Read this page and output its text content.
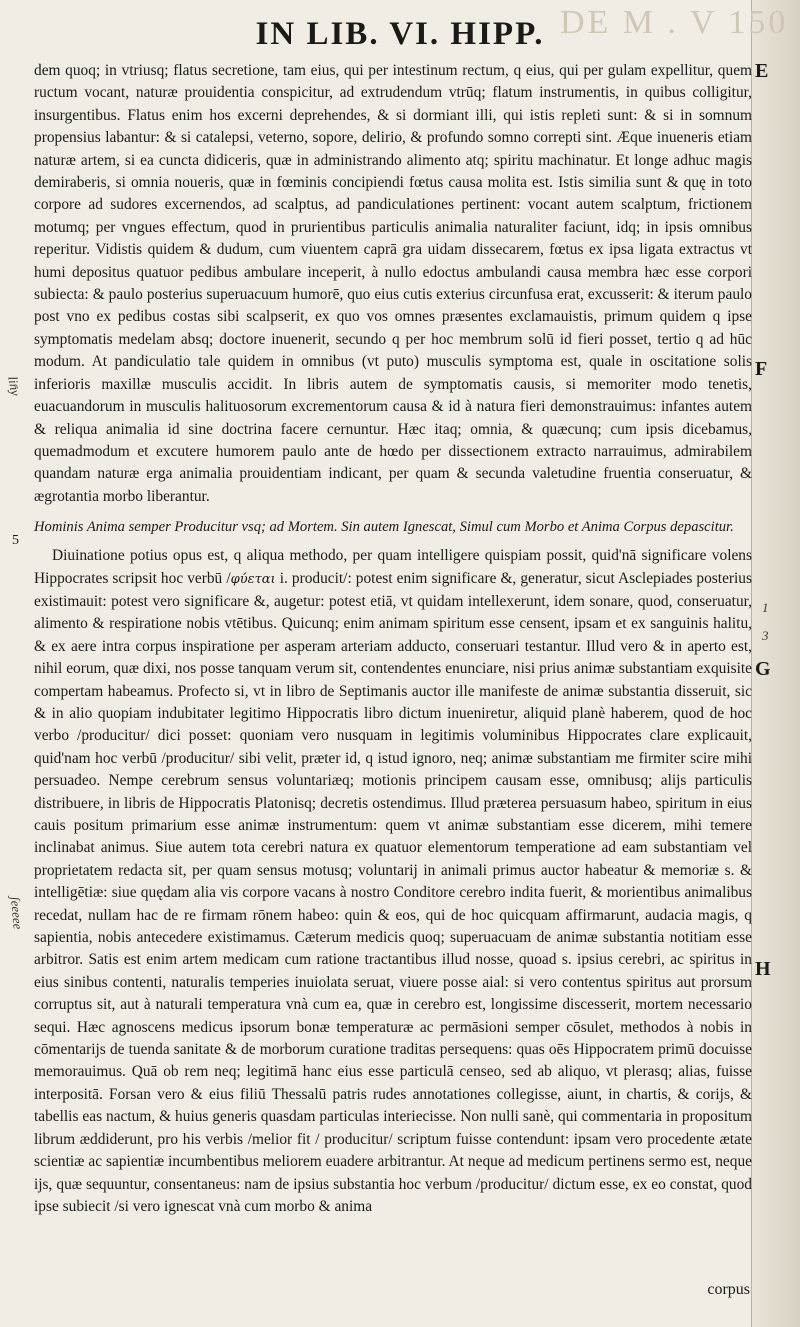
DE M . V 150
IN LIB. VI. HIPP.

dem quoq; in vtriusq; flatus secretione, tam eius, qui per intestinum rectum, q eius, qui per gulam expellitur, quem ructum vocant, naturæ prouidentia conspicitur, ad extrudendum vtrūq; flatum instrumentis, in quibus colligitur, insurgentibus. Flatus enim hos excerni deprehendes, & si dormiant illi, qui istis repleti sunt: & si in somnum propensius labantur: & si catalepsi, veterno, sopore, delirio, & profundo somno correpti sint. Æque inueneris etiam naturæ artem, si ea cuncta didiceris, quæ in administrando alimento atq; spiritu machinatur. Et longe adhuc magis demiraberis, si omnia noueris, quæ in fœminis concipiendi fœtus causa molita est. Istis similia sunt & quę in toto corpore ad sudores excernendos, ad scalptus, ad pandiculationes pertinent: vocant autem scalptum, frictionem motumq; per vngues effectum, quod in prurientibus particulis animalia naturaliter faciunt, idq; in ipsis omnibus reperitur. Vidistis quidem & dudum, cum viuentem caprā gra uidam dissecarem, fœtus ex ipsa ligata extractus vt humi depositus quatuor pedibus ambulare inceperit, à nullo edoctus ambulandi causa membra hæc esse corpori subiecta: & paulo posterius superuacuum humorē, quo eius cutis exterius circunfusa erat, excusserit: & iterum paulo post vno ex pedibus costas sibi scalpserit, ex quo vos omnes præsentes exclamauistis, primum quidem q ipse symptomatis medelam absq; doctore inuenerit, secundo q per hoc membrum solū id fieri posset, tertio q ad hūc modum. At pandiculatio tale quidem in omnibus (vt puto) musculis symptoma est, quale in oscitatione solis inferioris maxillæ musculis accidit. In libris autem de symptomatis causis, si memoriter modo tenetis, euacuandorum in musculis halituosorum excrementorum causa & id à natura fieri demonstrauimus: infantes autem & reliqua animalia id sine doctrina facere cernuntur. Hæc itaq; omnia, & quæcunq; cum ipsis dicebamus, quemadmodum et excutere humorem paulo ante de hœdo per dissectionem extracto narrauimus, admirabilem quandam naturæ erga animalia prouidentiam indicant, per quam & secunda valetudine fruentia conseruatur, & ægrotantia morbo liberantur.

Hominis Anima semper Producitur vsq; ad Mortem. Sin autem Ignescat, Simul cum Morbo et Anima Corpus depascitur.

Diuinatione potius opus est, q aliqua methodo, per quam intelligere quispiam possit, quid'nā significare volens Hippocrates scripsit hoc verbū /φύεται i. producit/: potest enim significare &, generatur, sicut Asclepiades posterius existimauit: potest vero significare &, augetur: potest etiā, vt quidam intellexerunt, idem sonare, quod, conseruatur, alimento & respiratione nobis vtētibus. Quicunq; enim animam spiritum esse censent, ipsam et ex sanguinis halitu, & ex aere intra corpus inspiratione per asperam arteriam adducto, conseruari testantur. Illud vero & in aperto est, nihil eorum, quæ dixi, nos posse tanquam verum sit, contendentes enunciare, nisi prius animæ substantiam exquisite compertam habeamus. Profecto si, vt in libro de Septimanis auctor ille manifeste de animæ substantia disseruit, sic & in alio quopiam indubitater legitimo Hippocratis libro dictum inueniretur, aliquid planè haberem, quod de hoc verbo /producitur/ dici posset: quoniam vero nusquam in legitimis voluminibus Hippocrates clare explicauit, quid'nam hoc verbū /producitur/ sibi velit, præter id, q istud ignoro, neq; animæ substantiam me firmiter scire mihi persuadeo. Nempe cerebrum sensus voluntariæq; motionis principem causam esse, omnibusq; alijs particulis distribuere, in libris de Hippocratis Platonisq; decretis ostendimus. Illud præterea persuasum habeo, spiritum in eius cauis positum primarium esse animæ instrumentum: quem vt animæ substantiam esse dicerem, mihi temere inclinabat animus. Siue autem tota cerebri natura ex quatuor elementorum temperatione ad eam substantiam vel proprietatem redacta sit, per quam sensus motusq; voluntarij in animali primus auctor habeatur & memoriæ s. & intelligētiæ: siue quędam alia vis corpore vacans à nostro Conditore cerebro indita fuerit, & morientibus animalibus recedat, nullam hac de re firmam rōnem habeo: quin & eos, qui de hoc quicquam affirmarunt, audacia magis, q sapientia, nobis antecedere existimamus. Cæterum medicis quoq; superuacuam de animæ substantia notitiam esse arbitror. Satis est enim artem medicam cum ratione tractantibus illud nosse, quoad s. ipsius cerebri, ac spiritus in eius sinibus contenti, naturalis temperies inuiolata seruat, viuere posse aial: si vero contentus spiritus aut prorsum corruptus sit, aut à naturali temperatura vnà cum ea, quæ in cerebro est, longissime discesserit, mortem necessario sequi. Hæc agnoscens medicus ipsorum bonæ temperaturæ ac permāsioni semper cōsulet, methodos à nobis in cōmentarijs de tuenda sanitate & de morborum curatione traditas persequens: quas oēs Hippocratem primū docuisse memorauimus. Quā ob rem neq; legitimā hanc eius esse particulā censeo, sed ab aliquo, vt plerasq; alias, fuisse interpositā. Forsan vero & eius filiū Thessalū patris rudes annotationes collegisse, aiunt, in chartis, & corijs, & tabellis eas nactum, & huius generis quasdam particulas interiecisse. Non nulli sanè, qui commentaria in propositum librum æddiderunt, pro his verbis /melior fit / producitur/ scriptum fuisse contendunt: ipsam vero procedente ætate scientiæ ac sapientiæ incumbentibus meliorem euadere arbitrantur. At neque ad medicum pertinens sermo est, neque ijs, quæ sequuntur, consentaneus: nam de ipsius substantia hoc verbum /producitur/ dictum esse, ex eo constat, quod ipse subiecit /si vero ignescat vnà cum morbo & anima

5
E
F
G
H
lin̄y
ʃeeeee
1
3
corpus
